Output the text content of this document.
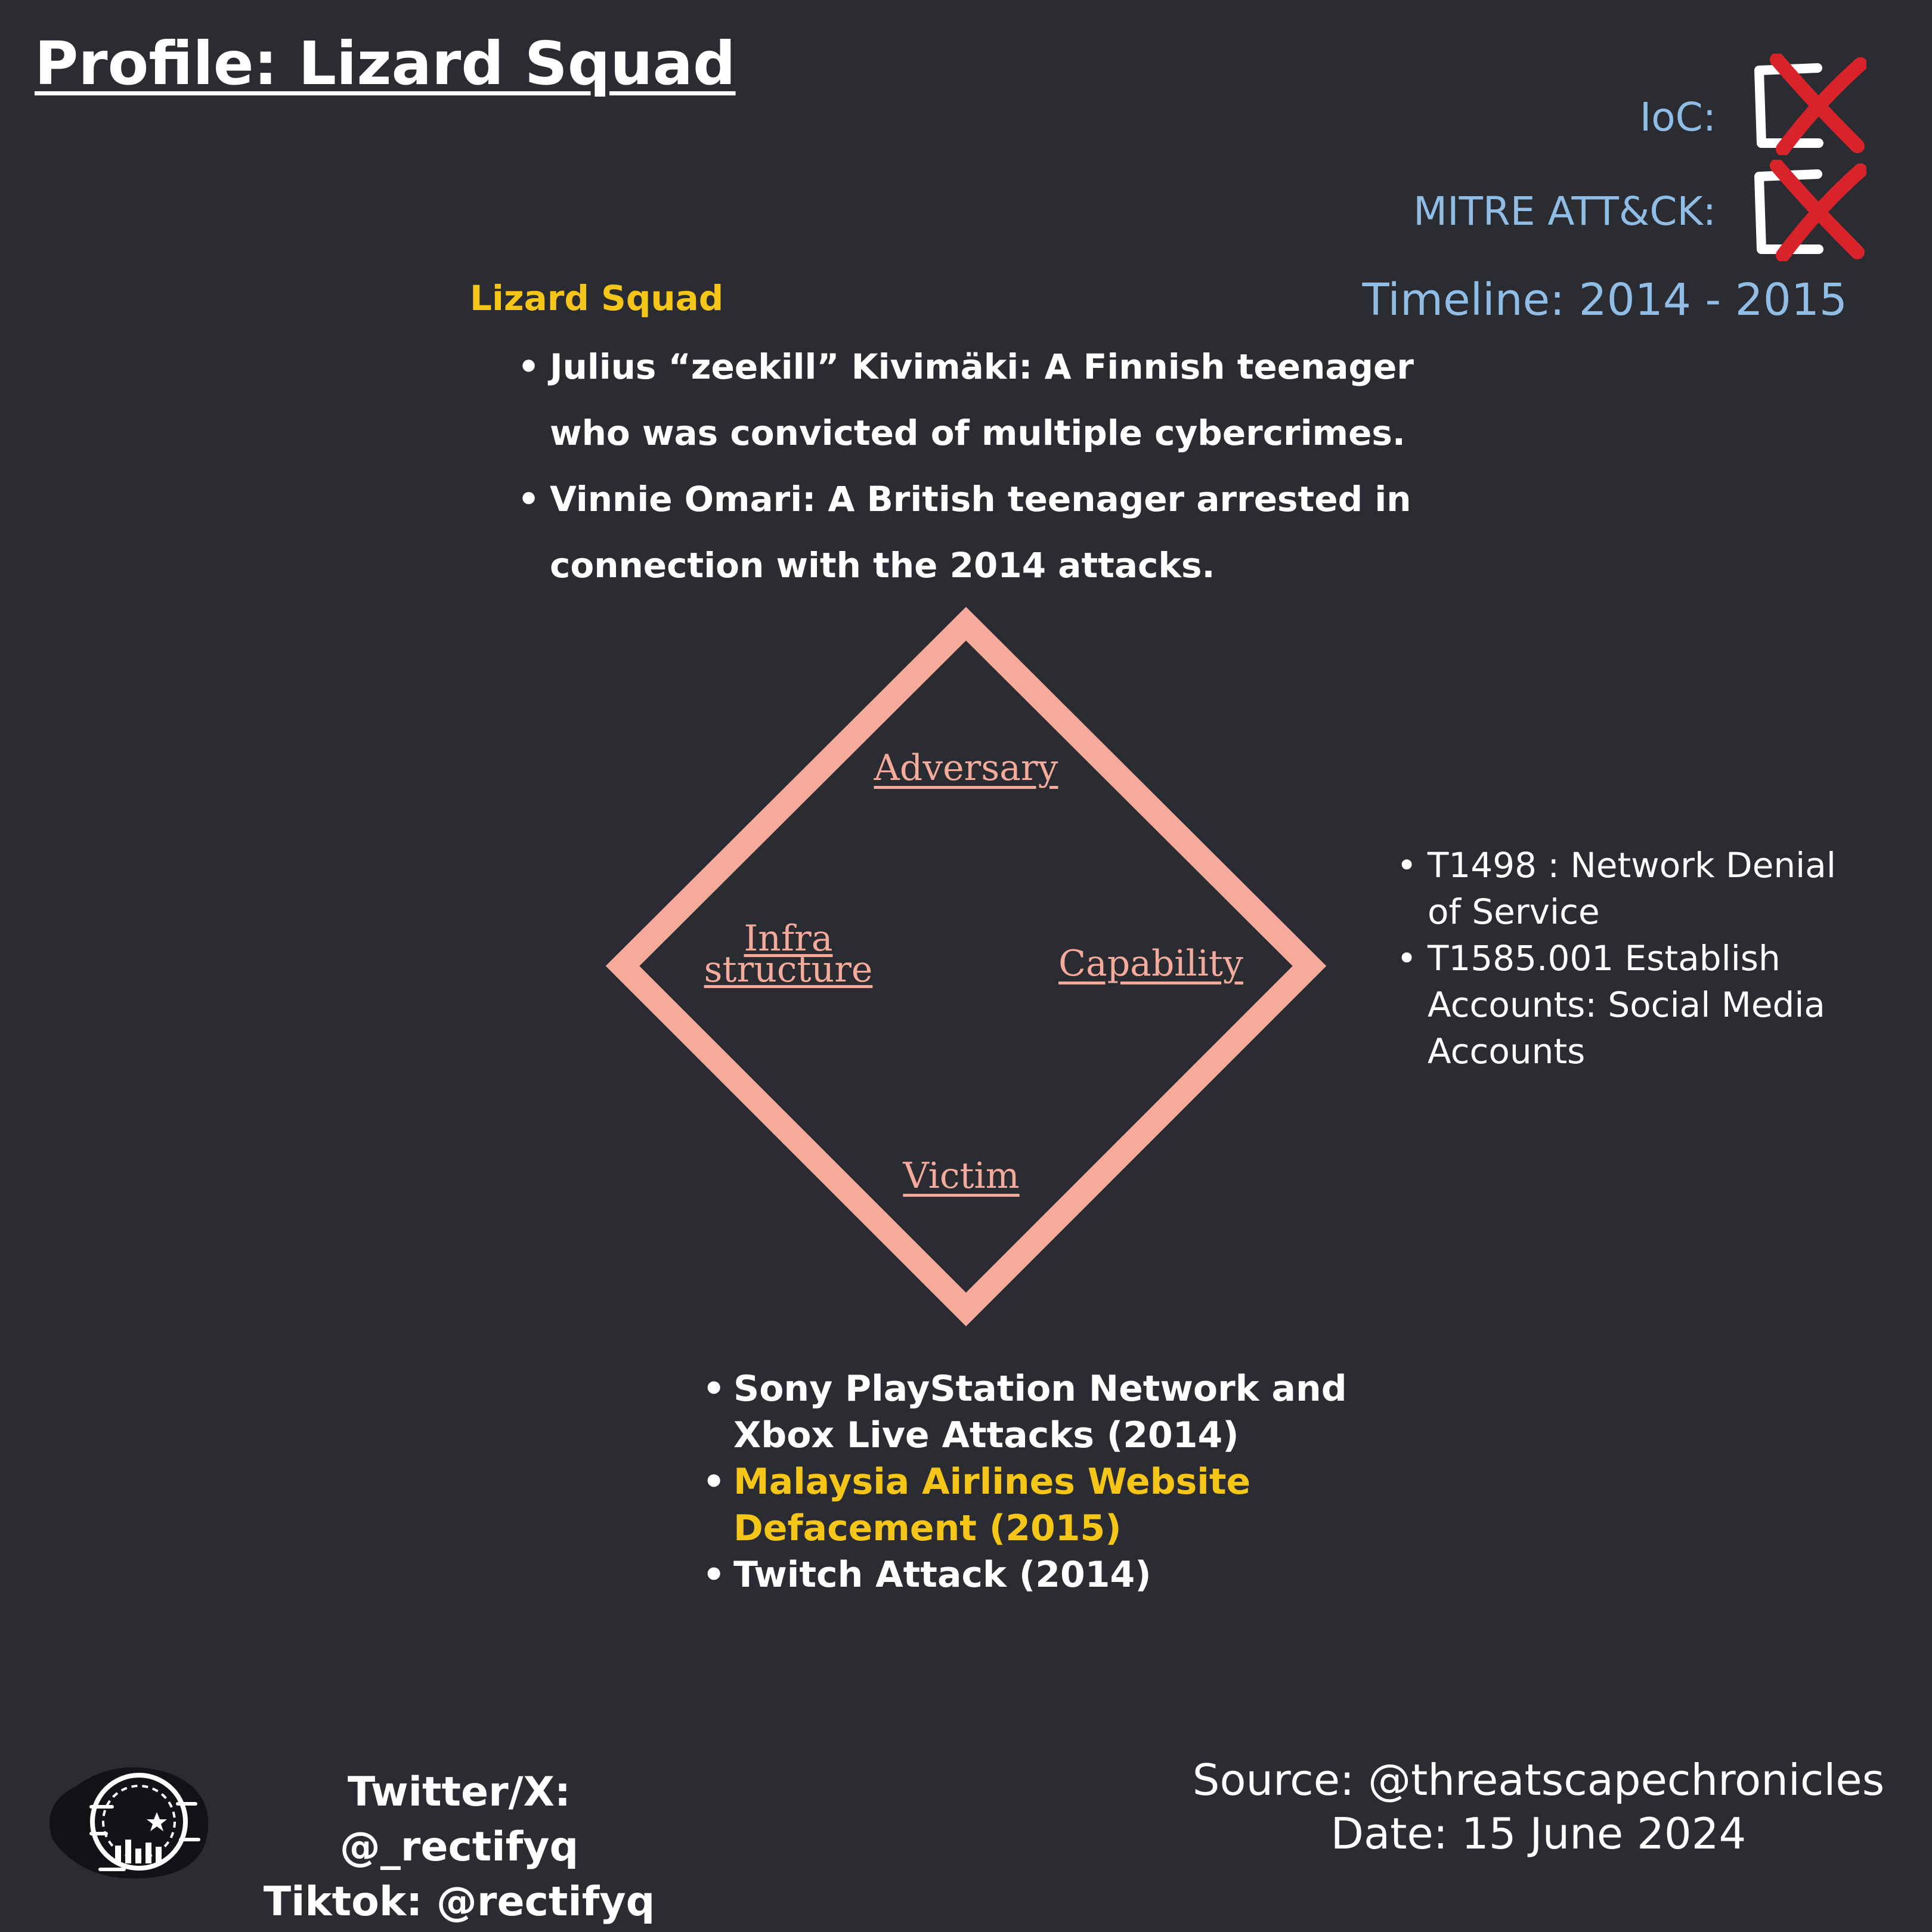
Profile: Lizard Squad
IoC:
MITRE ATT&CK:
Timeline: 2014 - 2015
Lizard Squad
• Julius “zeekill” Kivimäki: A Finnish teenager who was convicted of multiple cybercrimes.
• Vinnie Omari: A British teenager arrested in connection with the 2014 attacks.
Adversary
Infra
structure	Capability
Victim
• T1498 : Network Denial of Service
• T1585.001 Establish Accounts: Social Media Accounts
• Sony PlayStation Network and Xbox Live Attacks (2014)
• Malaysia Airlines Website Defacement (2015)
• Twitch Attack (2014)
Twitter/X: @_rectifyq
Tiktok: @rectifyq
Source: @threatscapechronicles
Date: 15 June 2024
